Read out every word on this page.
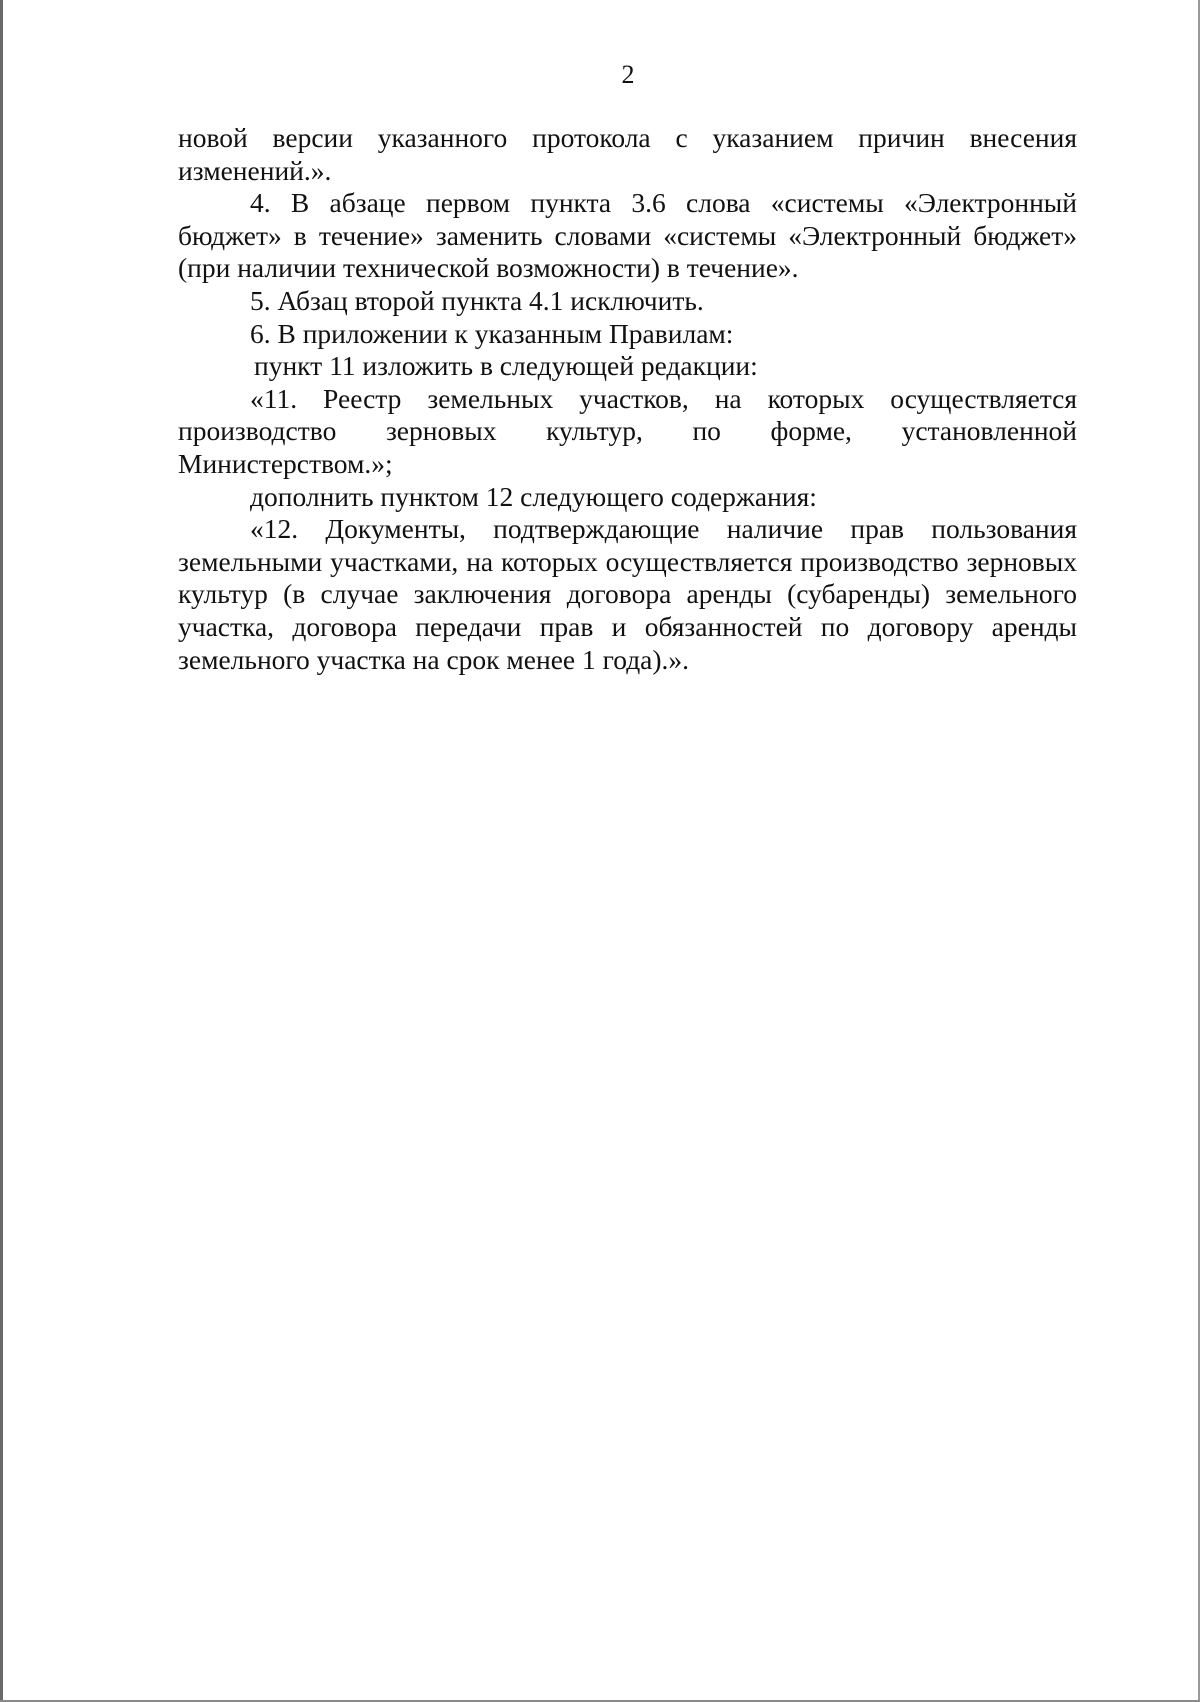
2

новой версии указанного протокола с указанием причин внесения изменений.».

4. В абзаце первом пункта 3.6 слова «системы «Электронный бюджет» в течение» заменить словами «системы «Электронный бюджет» (при наличии технической возможности) в течение».

5. Абзац второй пункта 4.1 исключить.

6. В приложении к указанным Правилам:

пункт 11 изложить в следующей редакции:

«11. Реестр земельных участков, на которых осуществляется производство зерновых культур, по форме, установленной Министерством.»;

дополнить пунктом 12 следующего содержания:

«12. Документы, подтверждающие наличие прав пользования земельными участками, на которых осуществляется производство зерновых культур (в случае заключения договора аренды (субаренды) земельного участка, договора передачи прав и обязанностей по договору аренды земельного участка на срок менее 1 года).».
